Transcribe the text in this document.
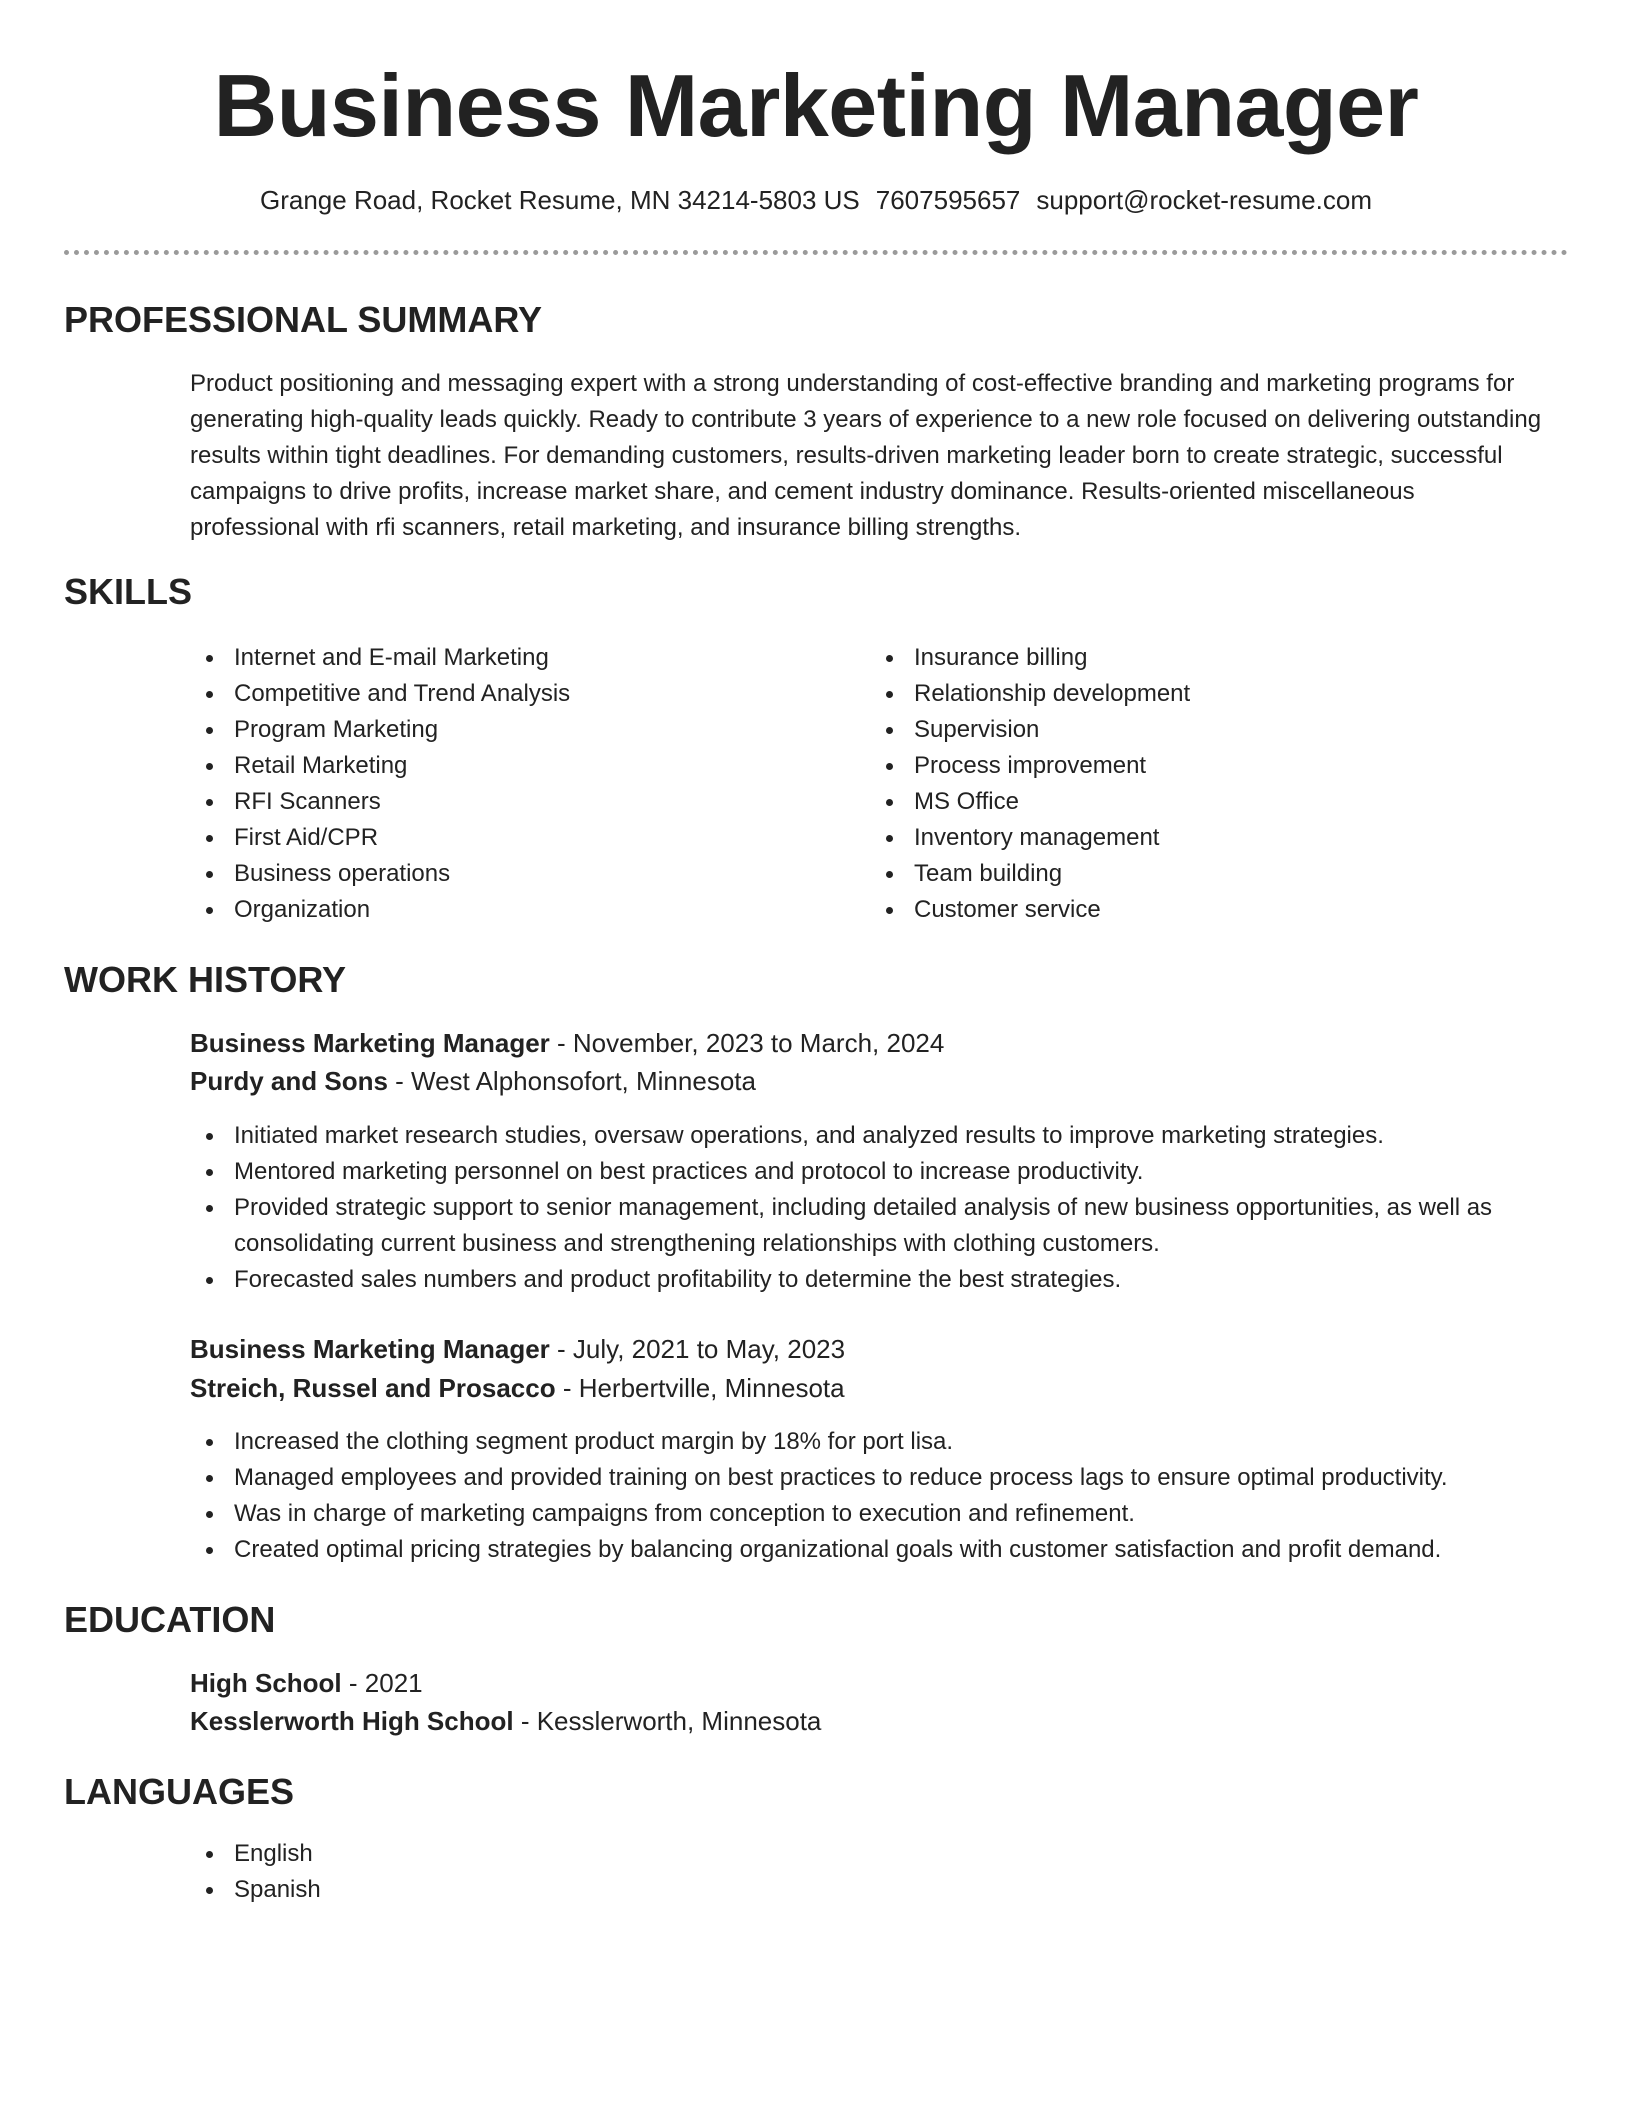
Business Marketing Manager
Grange Road, Rocket Resume, MN 34214-5803 US 7607595657 support@rocket-resume.com
PROFESSIONAL SUMMARY

Product positioning and messaging expert with a strong understanding of cost-effective branding and marketing programs for generating high-quality leads quickly. Ready to contribute 3 years of experience to a new role focused on delivering outstanding results within tight deadlines. For demanding customers, results-driven marketing leader born to create strategic, successful campaigns to drive profits, increase market share, and cement industry dominance. Results-oriented miscellaneous professional with rfi scanners, retail marketing, and insurance billing strengths.

SKILLS
Internet and E-mail Marketing
Competitive and Trend Analysis
Program Marketing
Retail Marketing
RFI Scanners
First Aid/CPR
Business operations
Organization
Insurance billing
Relationship development
Supervision
Process improvement
MS Office
Inventory management
Team building
Customer service
WORK HISTORY
Business Marketing Manager - November, 2023 to March, 2024
Purdy and Sons - West Alphonsofort, Minnesota
Initiated market research studies, oversaw operations, and analyzed results to improve marketing strategies.
Mentored marketing personnel on best practices and protocol to increase productivity.
Provided strategic support to senior management, including detailed analysis of new business opportunities, as well as consolidating current business and strengthening relationships with clothing customers.
Forecasted sales numbers and product profitability to determine the best strategies.
Business Marketing Manager - July, 2021 to May, 2023
Streich, Russel and Prosacco - Herbertville, Minnesota
Increased the clothing segment product margin by 18% for port lisa.
Managed employees and provided training on best practices to reduce process lags to ensure optimal productivity.
Was in charge of marketing campaigns from conception to execution and refinement.
Created optimal pricing strategies by balancing organizational goals with customer satisfaction and profit demand.
EDUCATION
High School - 2021
Kesslerworth High School - Kesslerworth, Minnesota
LANGUAGES
English
Spanish
